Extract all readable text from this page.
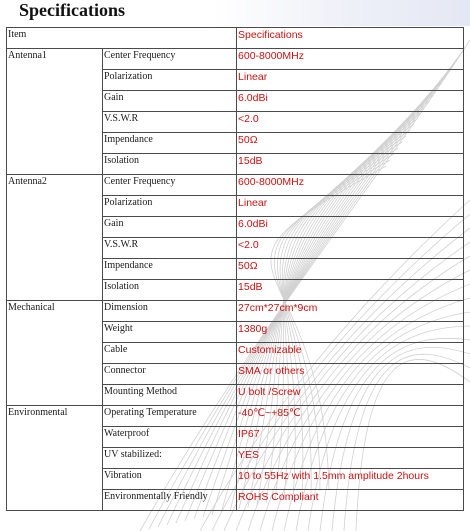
Specifications
Item		Specifications
Antenna1	Center Frequency	600-8000MHz
	Polarization	Linear
	Gain	6.0dBi
	V.S.W.R	<2.0
	Impendance	50Ω
	Isolation	15dB
Antenna2	Center Frequency	600-8000MHz
	Polarization	Linear
	Gain	6.0dBi
	V.S.W.R	<2.0
	Impendance	50Ω
	Isolation	15dB
Mechanical	Dimension	27cm*27cm*9cm
	Weight	1380g
	Cable	Customizable
	Connector	SMA or others
	Mounting Method	U bolt /Screw
Environmental	Operating Temperature	-40℃~+85℃
	Waterproof	IP67
	UV stabilized:	YES
	Vibration	10 to 55Hz with 1.5mm amplitude 2hours
	Environmentally Friendly	ROHS Compliant
